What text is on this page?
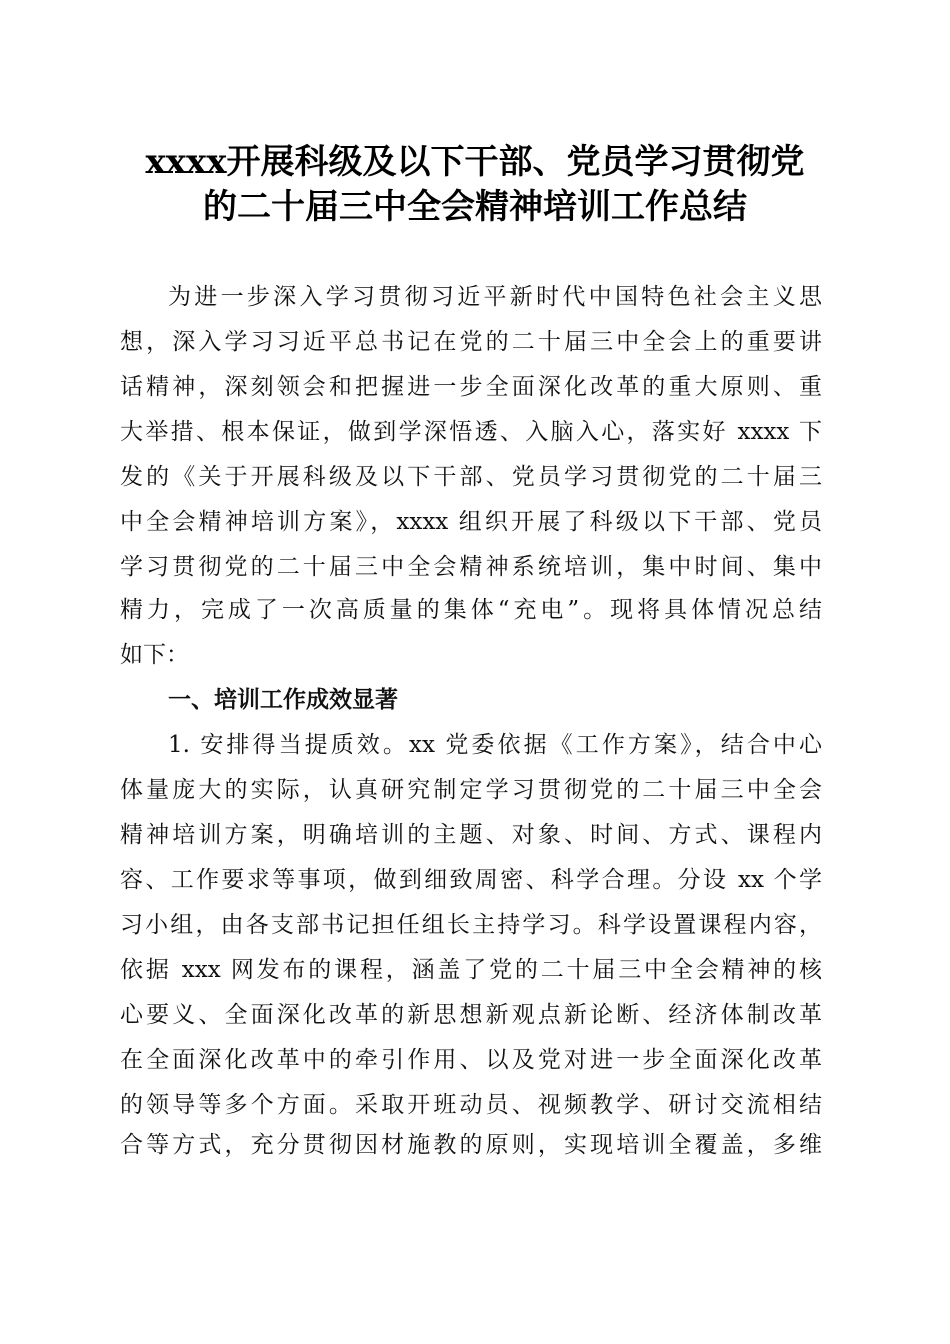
xxxx开展科级及以下干部、党员学习贯彻党
的二十届三中全会精神培训工作总结
为进一步深入学习贯彻习近平新时代中国特色社会主义思
想，深入学习习近平总书记在党的二十届三中全会上的重要讲
话精神，深刻领会和把握进一步全面深化改革的重大原则、重
大举措、根本保证，做到学深悟透、入脑入心，落实好 xxxx 下
发的《关于开展科级及以下干部、党员学习贯彻党的二十届三
中全会精神培训方案》，xxxx 组织开展了科级以下干部、党员
学习贯彻党的二十届三中全会精神系统培训，集中时间、集中
精力，完成了一次高质量的集体“充电”。现将具体情况总结
如下：
一、培训工作成效显著
1. 安排得当提质效。xx 党委依据《工作方案》，结合中心
体量庞大的实际，认真研究制定学习贯彻党的二十届三中全会
精神培训方案，明确培训的主题、对象、时间、方式、课程内
容、工作要求等事项，做到细致周密、科学合理。分设 xx 个学
习小组，由各支部书记担任组长主持学习。科学设置课程内容，
依据 xxx 网发布的课程，涵盖了党的二十届三中全会精神的核
心要义、全面深化改革的新思想新观点新论断、经济体制改革
在全面深化改革中的牵引作用、以及党对进一步全面深化改革
的领导等多个方面。采取开班动员、视频教学、研讨交流相结
合等方式，充分贯彻因材施教的原则，实现培训全覆盖，多维
